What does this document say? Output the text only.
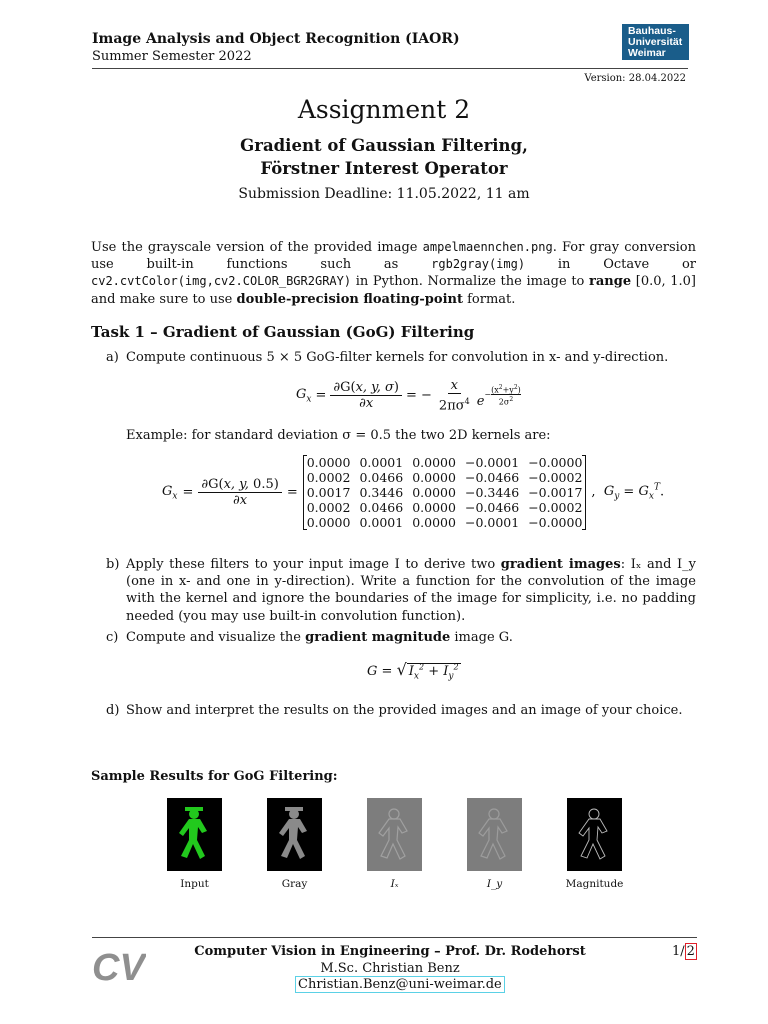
Image Analysis and Object Recognition (IAOR)
Summer Semester 2022
Bauhaus-
Universität
Weimar
Version: 28.04.2022
Assignment 2
Gradient of Gaussian Filtering,
Förstner Interest Operator
Submission Deadline: 11.05.2022, 11 am
Use the grayscale version of the provided image ampelmaennchen.png. For gray conversion use built-in functions such as rgb2gray(img) in Octave or cv2.cvtColor(img,cv2.COLOR_BGR2GRAY) in Python. Normalize the image to range [0.0, 1.0] and make sure to use double-precision floating-point format.
Task 1 – Gradient of Gaussian (GoG) Filtering
a) Compute continuous 5 × 5 GoG-filter kernels for convolution in x- and y-direction.
$G_x = \frac{\partial G(x, y, \sigma)}{\partial x}$ = − $\frac{x}{2\pi\sigma^4} e^{- \frac{(x^2+y^2)}{2\sigma^2}}$
Example: for standard deviation σ = 0.5 the two 2D kernels are:
$G_x = \frac{\partial G(x, y, 0.5)}{\partial x}$ =
0.0000 0.0001 0.0000 −0.0001 −0.0000
0.0002 0.0466 0.0000 −0.0466 −0.0002
0.0017 0.3446 0.0000 −0.3446 −0.0017
0.0002 0.0466 0.0000 −0.0466 −0.0002
0.0000 0.0001 0.0000 −0.0001 −0.0000
,  $G_y = G_x^T$.
b) Apply these filters to your input image I to derive two gradient images: Iₓ and I_y (one in x- and one in y-direction). Write a function for the convolution of the image with the kernel and ignore the boundaries of the image for simplicity, i.e. no padding needed (you may use built-in convolution function).
c) Compute and visualize the gradient magnitude image G.
G = √ $I_x^2 + I_y^2$
d) Show and interpret the results on the provided images and an image of your choice.
Sample Results for GoG Filtering:
Input	Gray	Iₓ	I_y	Magnitude
CV	Computer Vision in Engineering – Prof. Dr. Rodehorst
M.Sc. Christian Benz
Christian.Benz@uni-weimar.de
1/ 2
